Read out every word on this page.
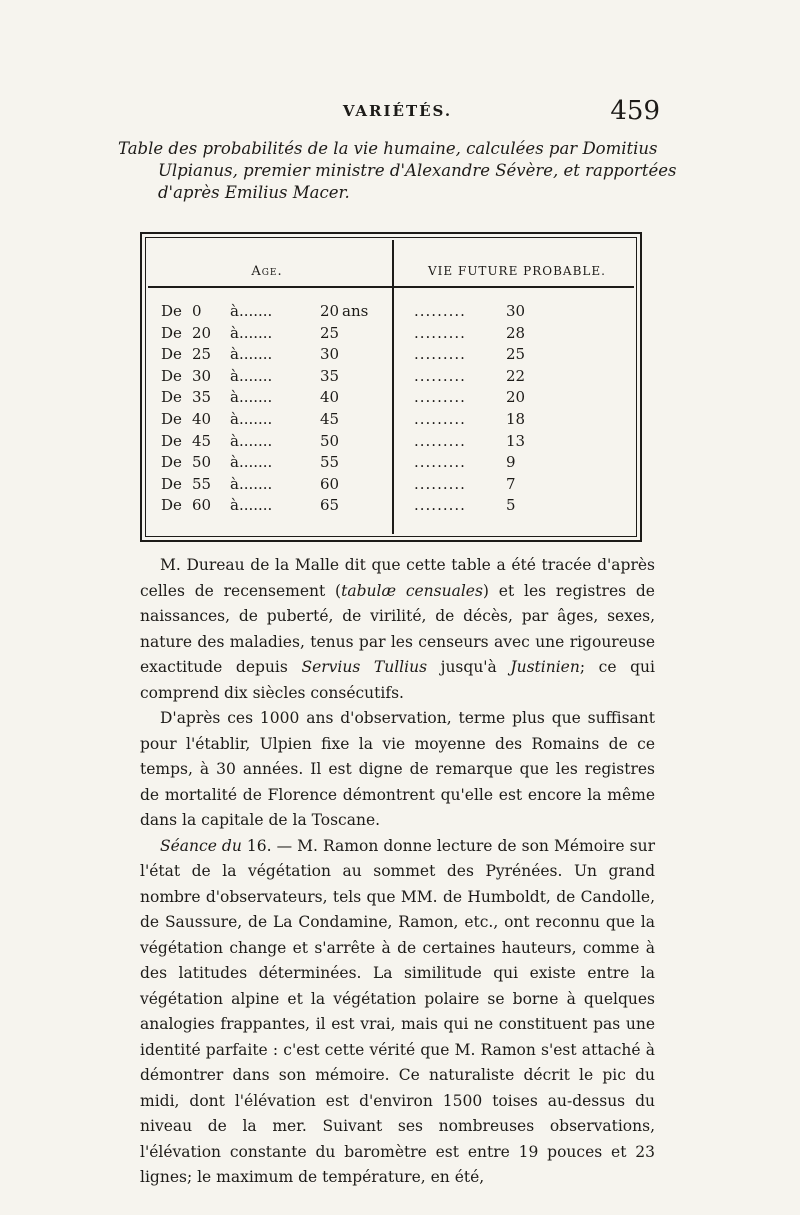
VARIÉTÉS.	459
Table des probabilités de la vie humaine, calculées par Domitius
Ulpianus, premier ministre d'Alexandre Sévère, et rapportées
d'après Emilius Macer.
Age.	VIE FUTURE PROBABLE.
De 0 à.......	20 ans	.........	30
De 20 à.......	25	.........	28
De 25 à.......	30	.........	25
De 30 à.......	35	.........	22
De 35 à.......	40	.........	20
De 40 à.......	45	.........	18
De 45 à.......	50	.........	13
De 50 à.......	55	.........	9
De 55 à.......	60	.........	7
De 60 à.......	65	.........	5

M. Dureau de la Malle dit que cette table a été tracée d'après celles de recensement (tabulæ censuales) et les registres de naissances, de puberté, de virilité, de décès, par âges, sexes, nature des maladies, tenus par les censeurs avec une rigoureuse exactitude depuis Servius Tullius jusqu'à Justinien; ce qui comprend dix siècles consécutifs.

D'après ces 1000 ans d'observation, terme plus que suffisant pour l'établir, Ulpien fixe la vie moyenne des Romains de ce temps, à 30 années. Il est digne de remarque que les registres de mortalité de Florence démontrent qu'elle est encore la même dans la capitale de la Toscane.

Séance du 16. — M. Ramon donne lecture de son Mémoire sur l'état de la végétation au sommet des Pyrénées. Un grand nombre d'observateurs, tels que MM. de Humboldt, de Candolle, de Saussure, de La Condamine, Ramon, etc., ont reconnu que la végétation change et s'arrête à de certaines hauteurs, comme à des latitudes déterminées. La similitude qui existe entre la végétation alpine et la végétation polaire se borne à quelques analogies frappantes, il est vrai, mais qui ne constituent pas une identité parfaite : c'est cette vérité que M. Ramon s'est attaché à démontrer dans son mémoire. Ce naturaliste décrit le pic du midi, dont l'élévation est d'environ 1500 toises au-dessus du niveau de la mer. Suivant ses nombreuses observations, l'élévation constante du baromètre est entre 19 pouces et 23 lignes; le maximum de température, en été,
